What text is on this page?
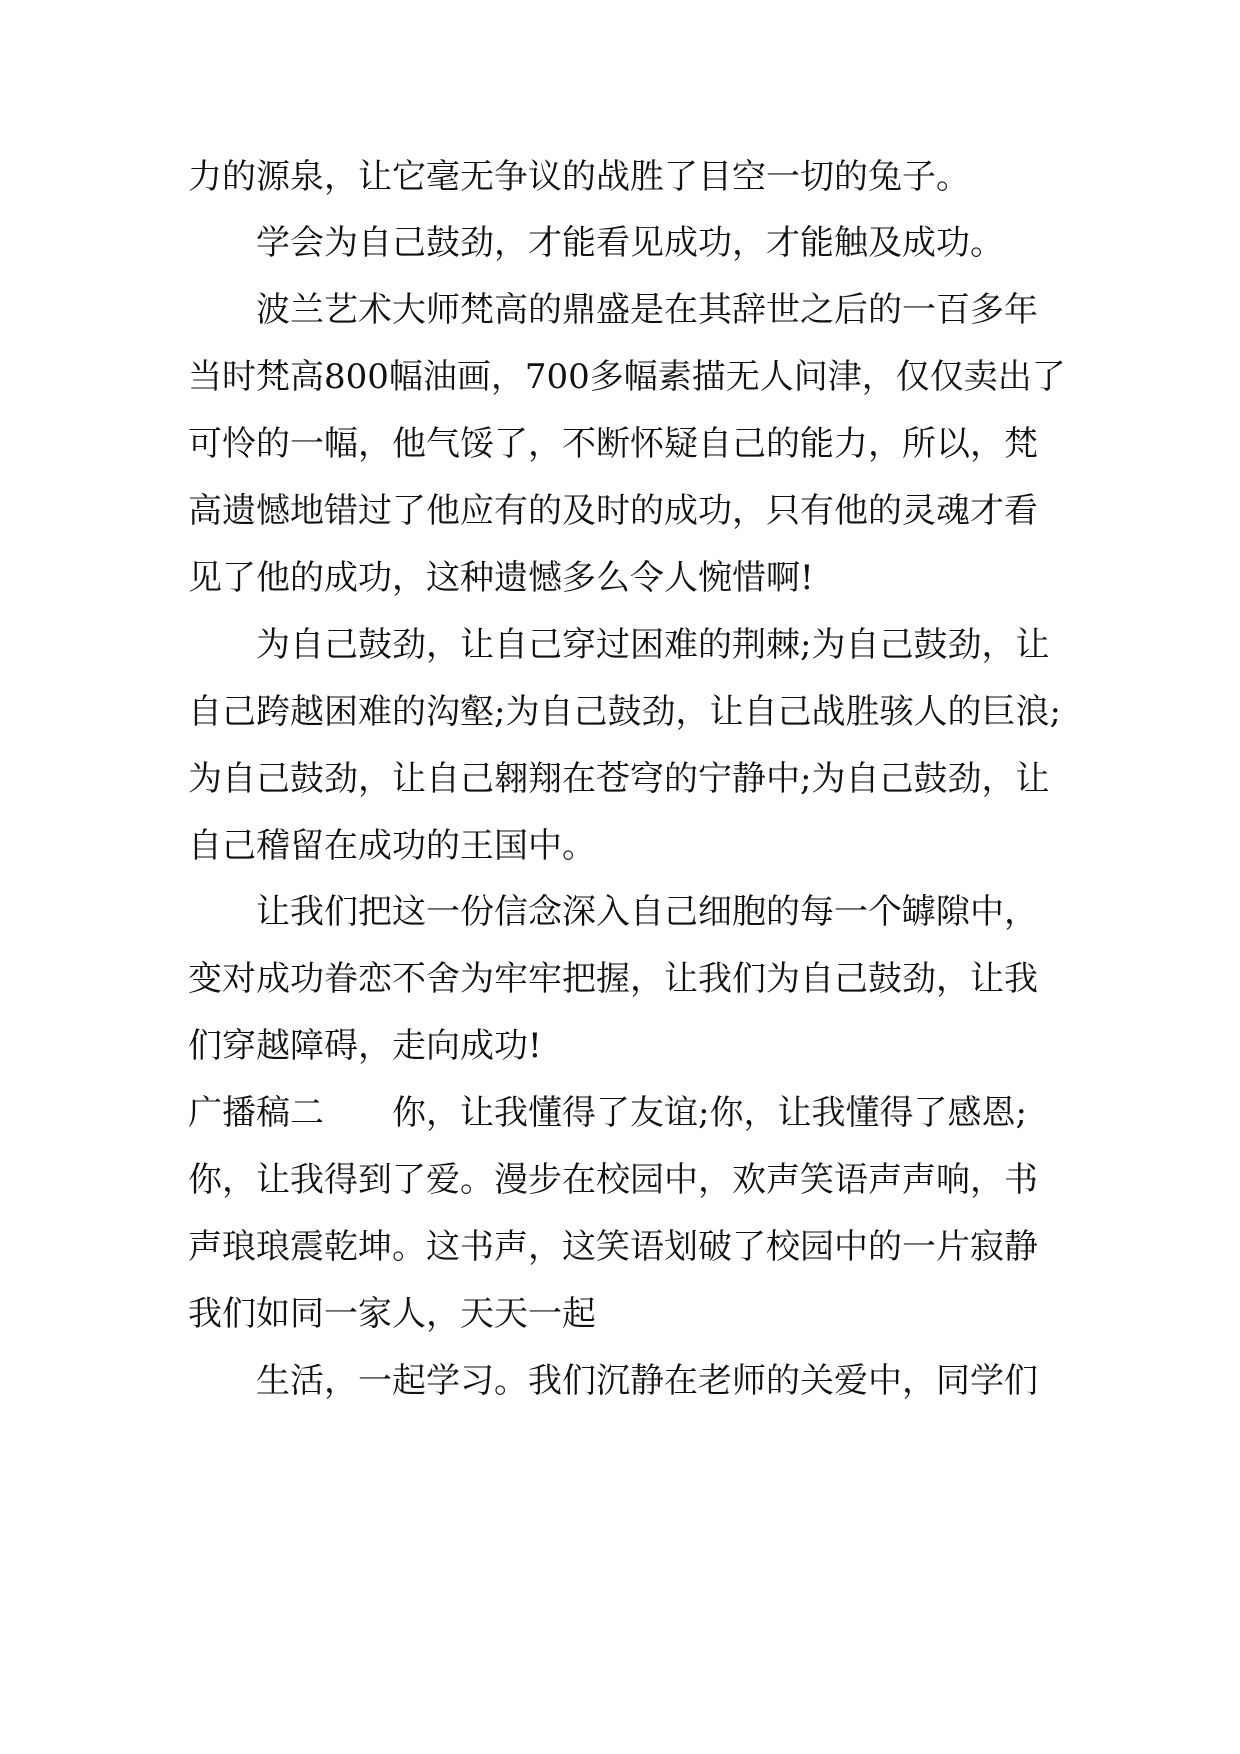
力的源泉，让它毫无争议的战胜了目空一切的兔子。
学会为自己鼓劲，才能看见成功，才能触及成功。
波兰艺术大师梵高的鼎盛是在其辞世之后的一百多年
当时梵高800幅油画，700多幅素描无人问津，仅仅卖出了
可怜的一幅，他气馁了，不断怀疑自己的能力，所以，梵
高遗憾地错过了他应有的及时的成功，只有他的灵魂才看
见了他的成功，这种遗憾多么令人惋惜啊!
为自己鼓劲，让自己穿过困难的荆棘;为自己鼓劲，让
自己跨越困难的沟壑;为自己鼓劲，让自己战胜骇人的巨浪;
为自己鼓劲，让自己翱翔在苍穹的宁静中;为自己鼓劲，让
自己稽留在成功的王国中。
让我们把这一份信念深入自己细胞的每一个罅隙中，
变对成功眷恋不舍为牢牢把握，让我们为自己鼓劲，让我
们穿越障碍，走向成功!
广播稿二 你，让我懂得了友谊;你，让我懂得了感恩;
你，让我得到了爱。漫步在校园中，欢声笑语声声响，书
声琅琅震乾坤。这书声，这笑语划破了校园中的一片寂静
我们如同一家人，天天一起
生活，一起学习。我们沉静在老师的关爱中，同学们
